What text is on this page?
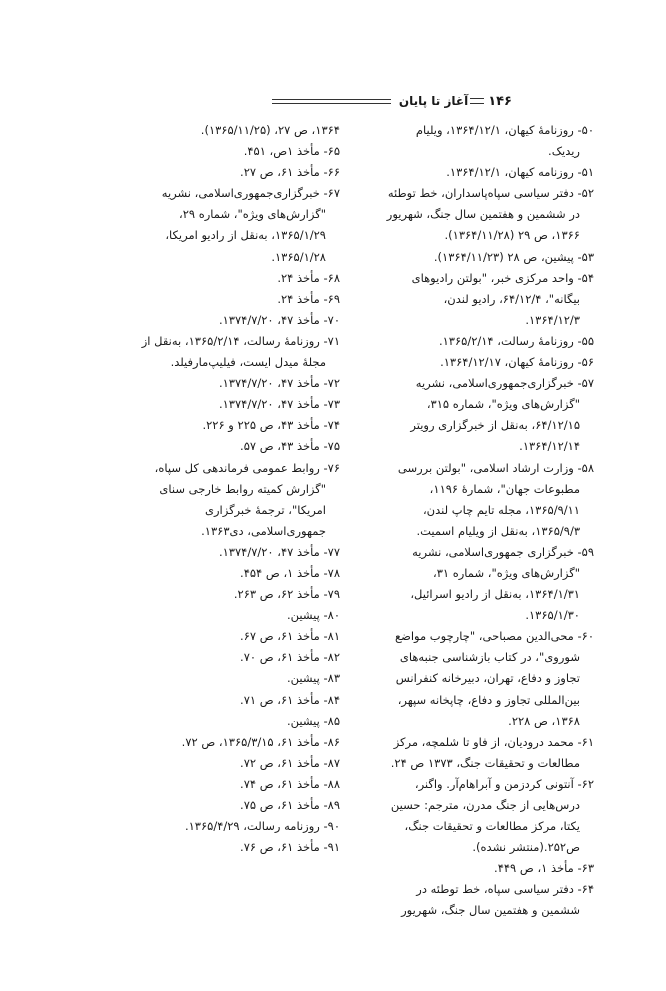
۱۴۶
آغاز تا پایان
۵۰- روزنامهٔ کیهان، ۱۳۶۴/۱۲/۱، ویلیام
ریدیک.
۵۱- روزنامه کیهان، ۱۳۶۴/۱۲/۱.
۵۲- دفتر سیاسی سپاه‌پاسداران، خط توطئه
در ششمین و هفتمین سال جنگ، شهریور
۱۳۶۶، ص ۲۹ (۱۳۶۴/۱۱/۲۸).
۵۳- پیشین، ص ۲۸ (۱۳۶۴/۱۱/۲۳).
۵۴- واحد مرکزی خبر، "بولتن رادیوهای
بیگانه"، ۶۴/۱۲/۴، رادیو لندن،
۱۳۶۴/۱۲/۳.
۵۵- روزنامهٔ رسالت، ۱۳۶۵/۲/۱۴.
۵۶- روزنامهٔ کیهان، ۱۳۶۴/۱۲/۱۷.
۵۷- خبرگزاری‌جمهوری‌اسلامی، نشریه
"گزارش‌های ویژه"، شماره ۳۱۵،
۶۴/۱۲/۱۵، به‌نقل از خبرگزاری رویتر
۱۳۶۴/۱۲/۱۴.
۵۸- وزارت ارشاد اسلامی، "بولتن بررسی
مطبوعات جهان"، شمارهٔ ۱۱۹۶،
۱۳۶۵/۹/۱۱، مجله تایم چاپ لندن،
۱۳۶۵/۹/۳، به‌نقل از ویلیام اسمیت.
۵۹- خبرگزاری جمهوری‌اسلامی، نشریه
"گزارش‌های ویژه"، شماره ۳۱،
۱۳۶۴/۱/۳۱، به‌نقل از رادیو اسرائیل،
۱۳۶۵/۱/۳۰.
۶۰- محی‌الدین مصباحی، "چارچوب مواضع
شوروی"، در کتاب بازشناسی جنبه‌های
تجاوز و دفاع، تهران، دبیرخانه کنفرانس
بین‌المللی تجاوز و دفاع، چاپخانه سپهر،
۱۳۶۸، ص ۲۲۸.
۶۱- محمد درودیان، از فاو تا شلمچه، مرکز
مطالعات و تحقیقات جنگ، ۱۳۷۳ ص ۲۴.
۶۲- آنتونی کردزمن و آبراهام‌آر. واگنر،
درس‌هایی از جنگ مدرن، مترجم: حسین
یکتا، مرکز مطالعات و تحقیقات جنگ،
ص۲۵۲.(منتشر نشده).
۶۳- مأخذ ۱، ص ۴۴۹.
۶۴- دفتر سیاسی سپاه، خط توطئه در
ششمین و هفتمین سال جنگ، شهریور
۱۳۶۴، ص ۲۷، (۱۳۶۵/۱۱/۲۵).
۶۵- مأخذ ۱ص، ۴۵۱.
۶۶- مأخذ ۶۱، ص ۲۷.
۶۷- خبرگزاری‌جمهوری‌اسلامی، نشریه
"گزارش‌های ویژه"، شماره ۲۹،
۱۳۶۵/۱/۲۹، به‌نقل از رادیو امریکا،
۱۳۶۵/۱/۲۸.
۶۸- مأخذ ۲۴.
۶۹- مأخذ ۲۴.
۷۰- مأخذ ۴۷، ۱۳۷۴/۷/۲۰.
۷۱- روزنامهٔ رسالت، ۱۳۶۵/۲/۱۴، به‌نقل از
مجلهٔ میدل ایست، فیلیپ‌مارفیلد.
۷۲- مأخذ ۴۷، ۱۳۷۴/۷/۲۰.
۷۳- مأخذ ۴۷، ۱۳۷۴/۷/۲۰.
۷۴- مأخذ ۴۳، ص ۲۲۵ و ۲۲۶.
۷۵- مأخذ ۴۳، ص ۵۷.
۷۶- روابط عمومی فرماندهی کل سپاه،
"گزارش کمیته روابط خارجی سنای
امریکا"، ترجمهٔ خبرگزاری
جمهوری‌اسلامی، دی۱۳۶۳.
۷۷- مأخذ ۴۷، ۱۳۷۴/۷/۲۰.
۷۸- مأخذ ۱، ص ۴۵۴.
۷۹- مأخذ ۶۲، ص ۲۶۳.
۸۰- پیشین.
۸۱- مأخذ ۶۱، ص ۶۷.
۸۲- مأخذ ۶۱، ص ۷۰.
۸۳- پیشین.
۸۴- مأخذ ۶۱، ص ۷۱.
۸۵- پیشین.
۸۶- مأخذ ۶۱، ۱۳۶۵/۳/۱۵، ص ۷۲.
۸۷- مأخذ ۶۱، ص ۷۲.
۸۸- مأخذ ۶۱، ص ۷۴.
۸۹- مأخذ ۶۱، ص ۷۵.
۹۰- روزنامه رسالت، ۱۳۶۵/۴/۲۹.
۹۱- مأخذ ۶۱، ص ۷۶.
